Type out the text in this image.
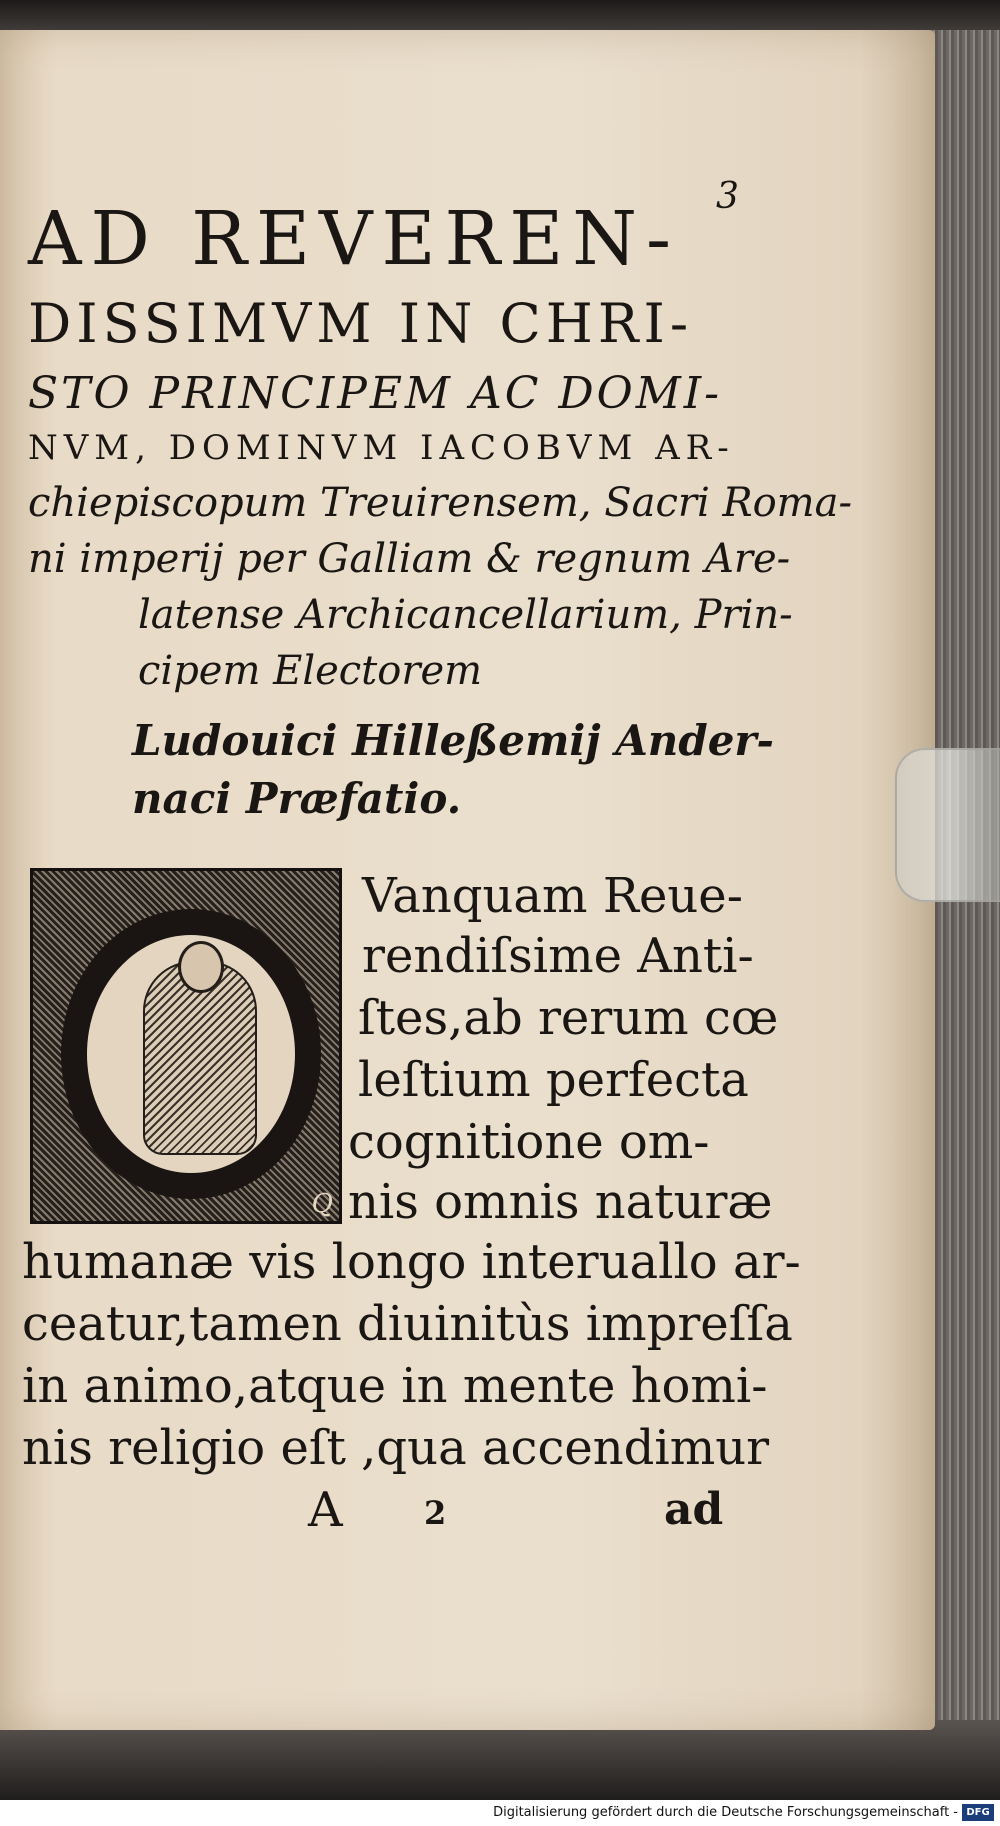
3
AD REVEREN-
DISSIMVM IN CHRI-
STO PRINCIPEM AC DOMI-
NVM, DOMINVM IACOBVM AR-
chiepiscopum Treuirensem, Sacri Roma-
ni imperij per Galliam & regnum Are-
latense Archicancellarium, Prin-
cipem Electorem
Ludouici Hilleßemij Ander-
naci Præfatio.
Q
Vanquam Reue-
rendiſsime Anti-
ſtes,ab rerum cœ
leſtium perfecta
cognitione om-
nis omnis naturæ
humanæ vis longo interuallo ar-
ceatur,tamen diuinitùs impreſſa
in animo,atque in mente homi-
nis religio eſt ,qua accendimur
A	2	ad
Digitalisierung gefördert durch die Deutsche Forschungsgemeinschaft - DFG
